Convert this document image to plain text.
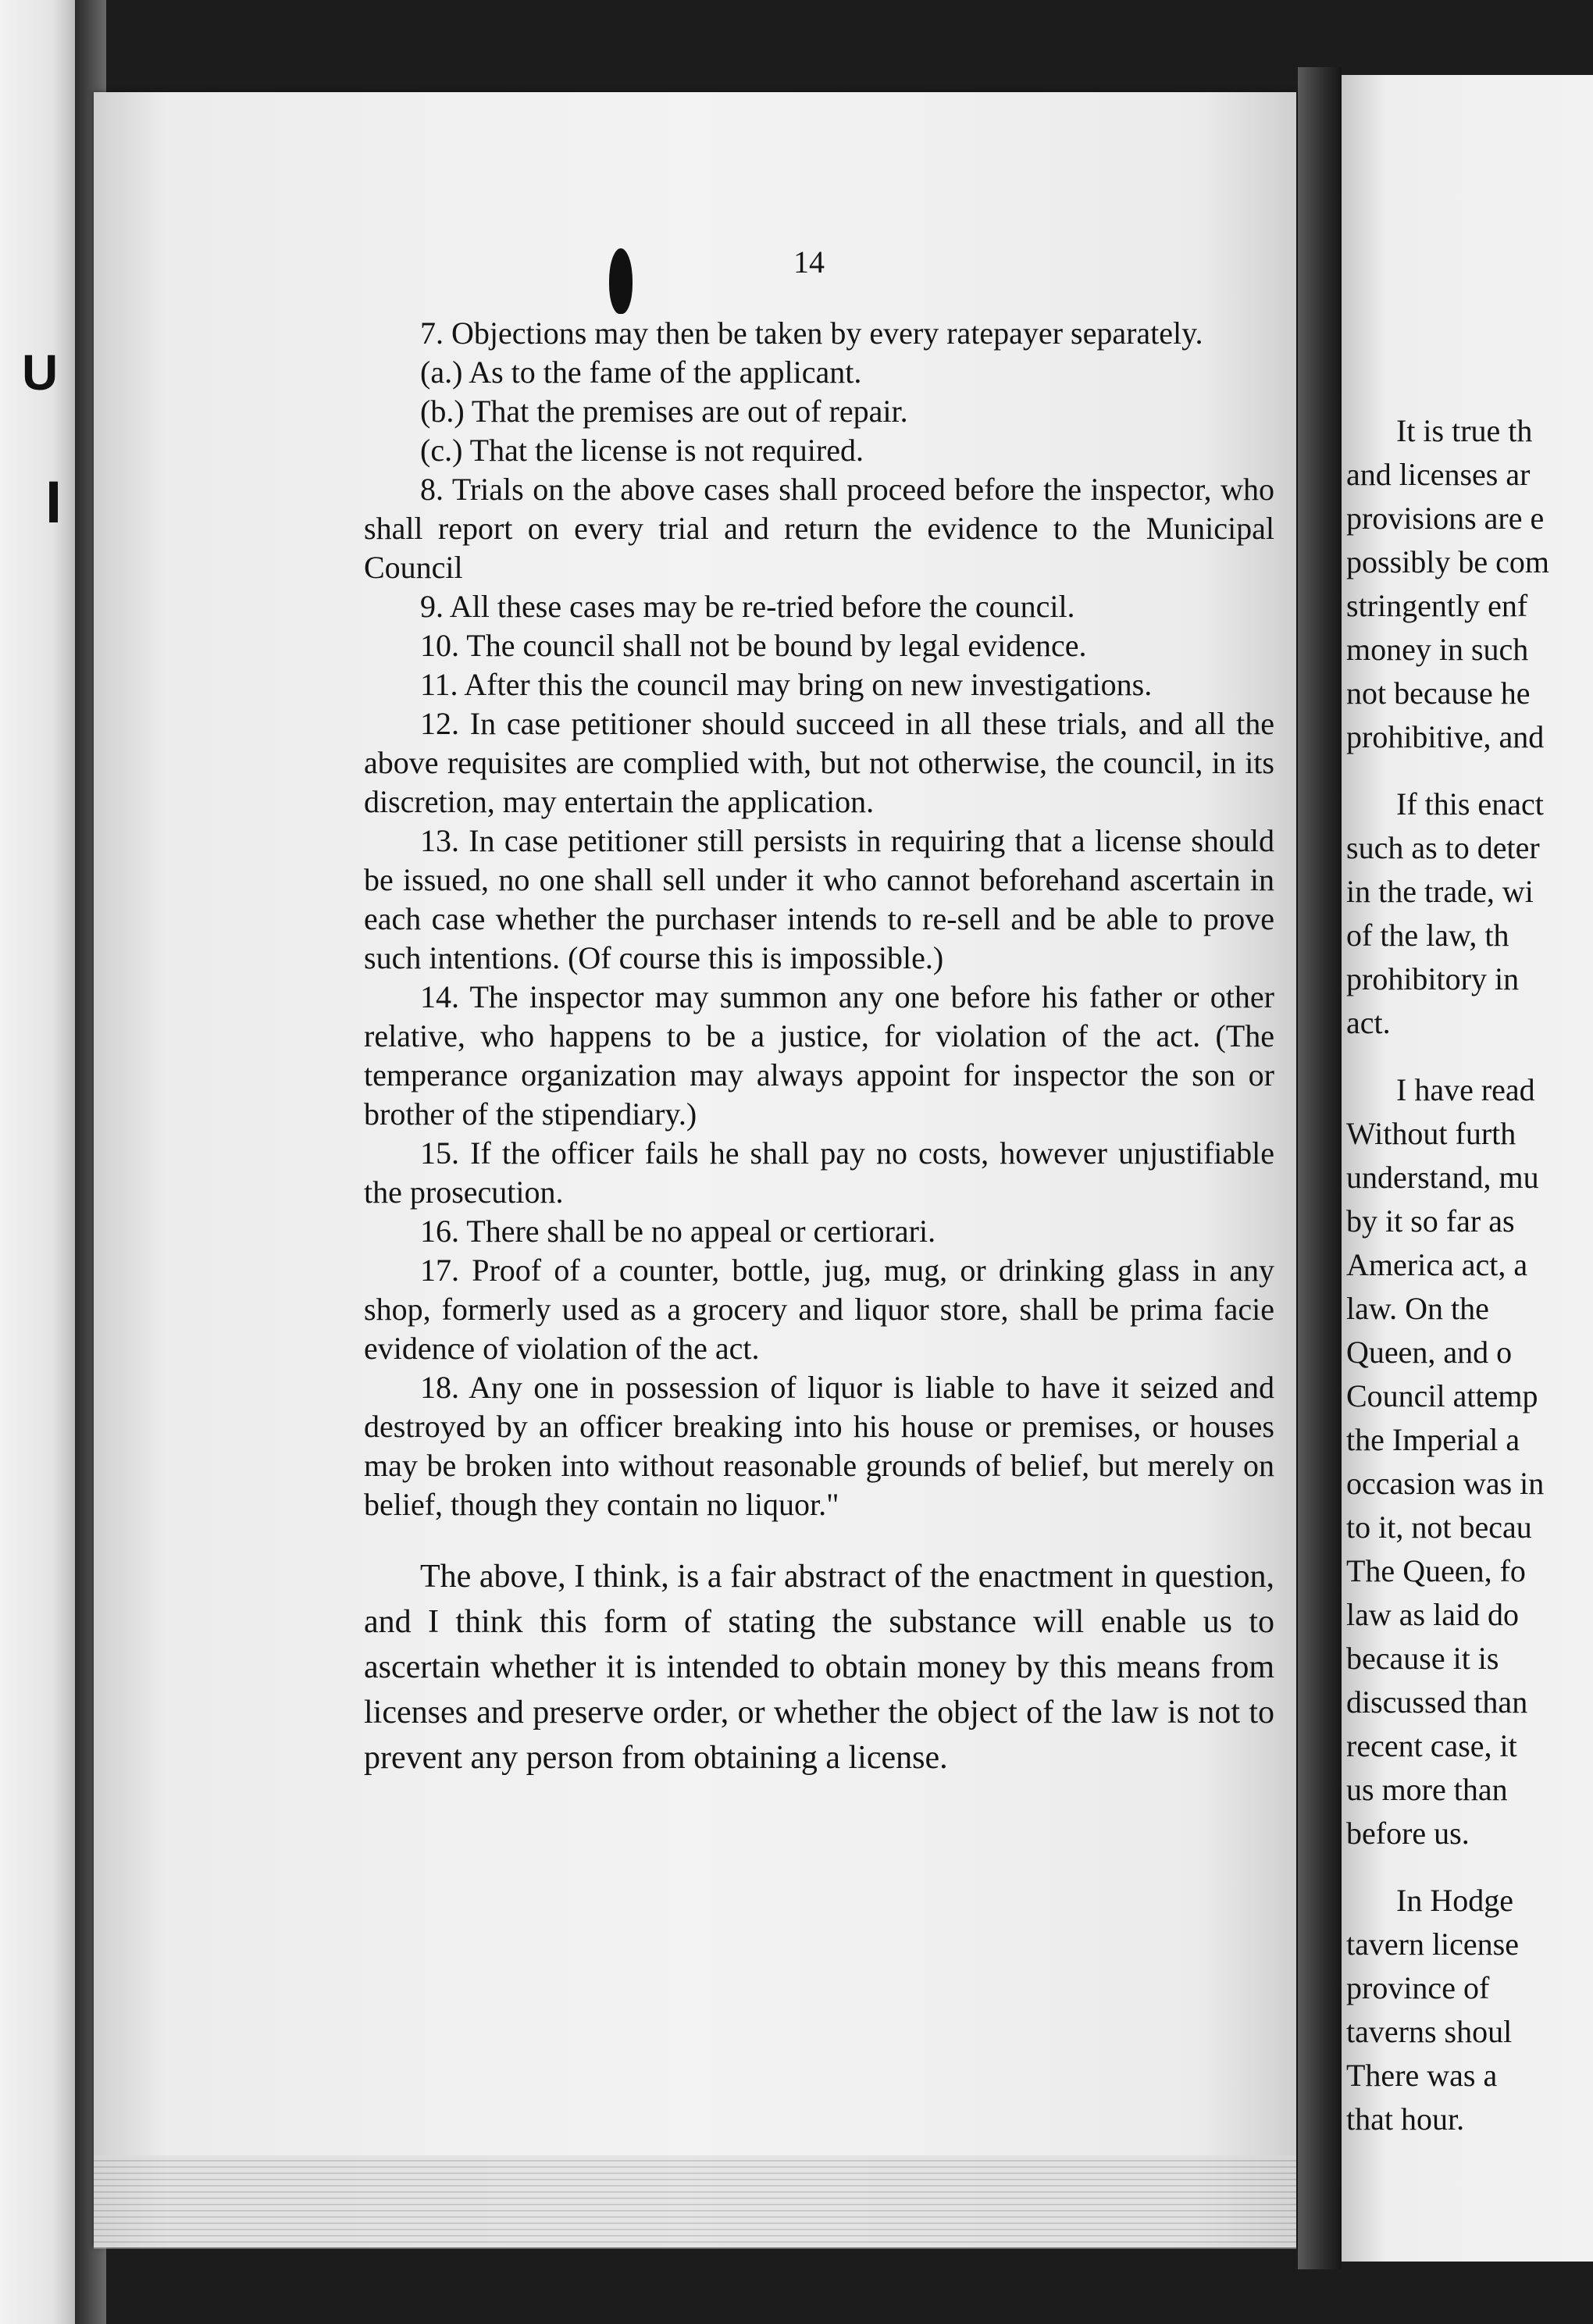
U
I
14

7. Objections may then be taken by every ratepayer separately.

(a.) As to the fame of the applicant.

(b.) That the premises are out of repair.

(c.) That the license is not required.

8. Trials on the above cases shall proceed before the inspector, who shall report on every trial and return the evidence to the Municipal Council

9. All these cases may be re-tried before the council.

10. The council shall not be bound by legal evidence.

11. After this the council may bring on new investigations.

12. In case petitioner should succeed in all these trials, and all the above requisites are complied with, but not otherwise, the council, in its discretion, may entertain the application.

13. In case petitioner still persists in requiring that a license should be issued, no one shall sell under it who cannot beforehand ascertain in each case whether the purchaser intends to re-sell and be able to prove such intentions. (Of course this is impossible.)

14. The inspector may summon any one before his father or other relative, who happens to be a justice, for violation of the act. (The temperance organization may always appoint for inspector the son or brother of the stipendiary.)

15. If the officer fails he shall pay no costs, however unjustifiable the prosecution.

16. There shall be no appeal or certiorari.

17. Proof of a counter, bottle, jug, mug, or drinking glass in any shop, formerly used as a grocery and liquor store, shall be prima facie evidence of violation of the act.

18. Any one in possession of liquor is liable to have it seized and destroyed by an officer breaking into his house or premises, or houses may be broken into without reasonable grounds of belief, but merely on belief, though they contain no liquor."

The above, I think, is a fair abstract of the enactment in question, and I think this form of stating the substance will enable us to ascertain whether it is intended to obtain money by this means from licenses and preserve order, or whether the object of the law is not to prevent any person from obtaining a license.

It is true th
and licenses ar
provisions are e
possibly be com
stringently enf
money in such
not because he
prohibitive, and
If this enact
such as to deter
in the trade, wi
of the law, th
prohibitory in
act.
I have read
Without furth
understand, mu
by it so far as
America act, a
law. On the
Queen, and o
Council attemp
the Imperial a
occasion was in
to it, not becau
The Queen, fo
law as laid do
because it is
discussed than
recent case, it
us more than
before us.
In Hodge
tavern license
province of
taverns shoul
There was a
that hour.
